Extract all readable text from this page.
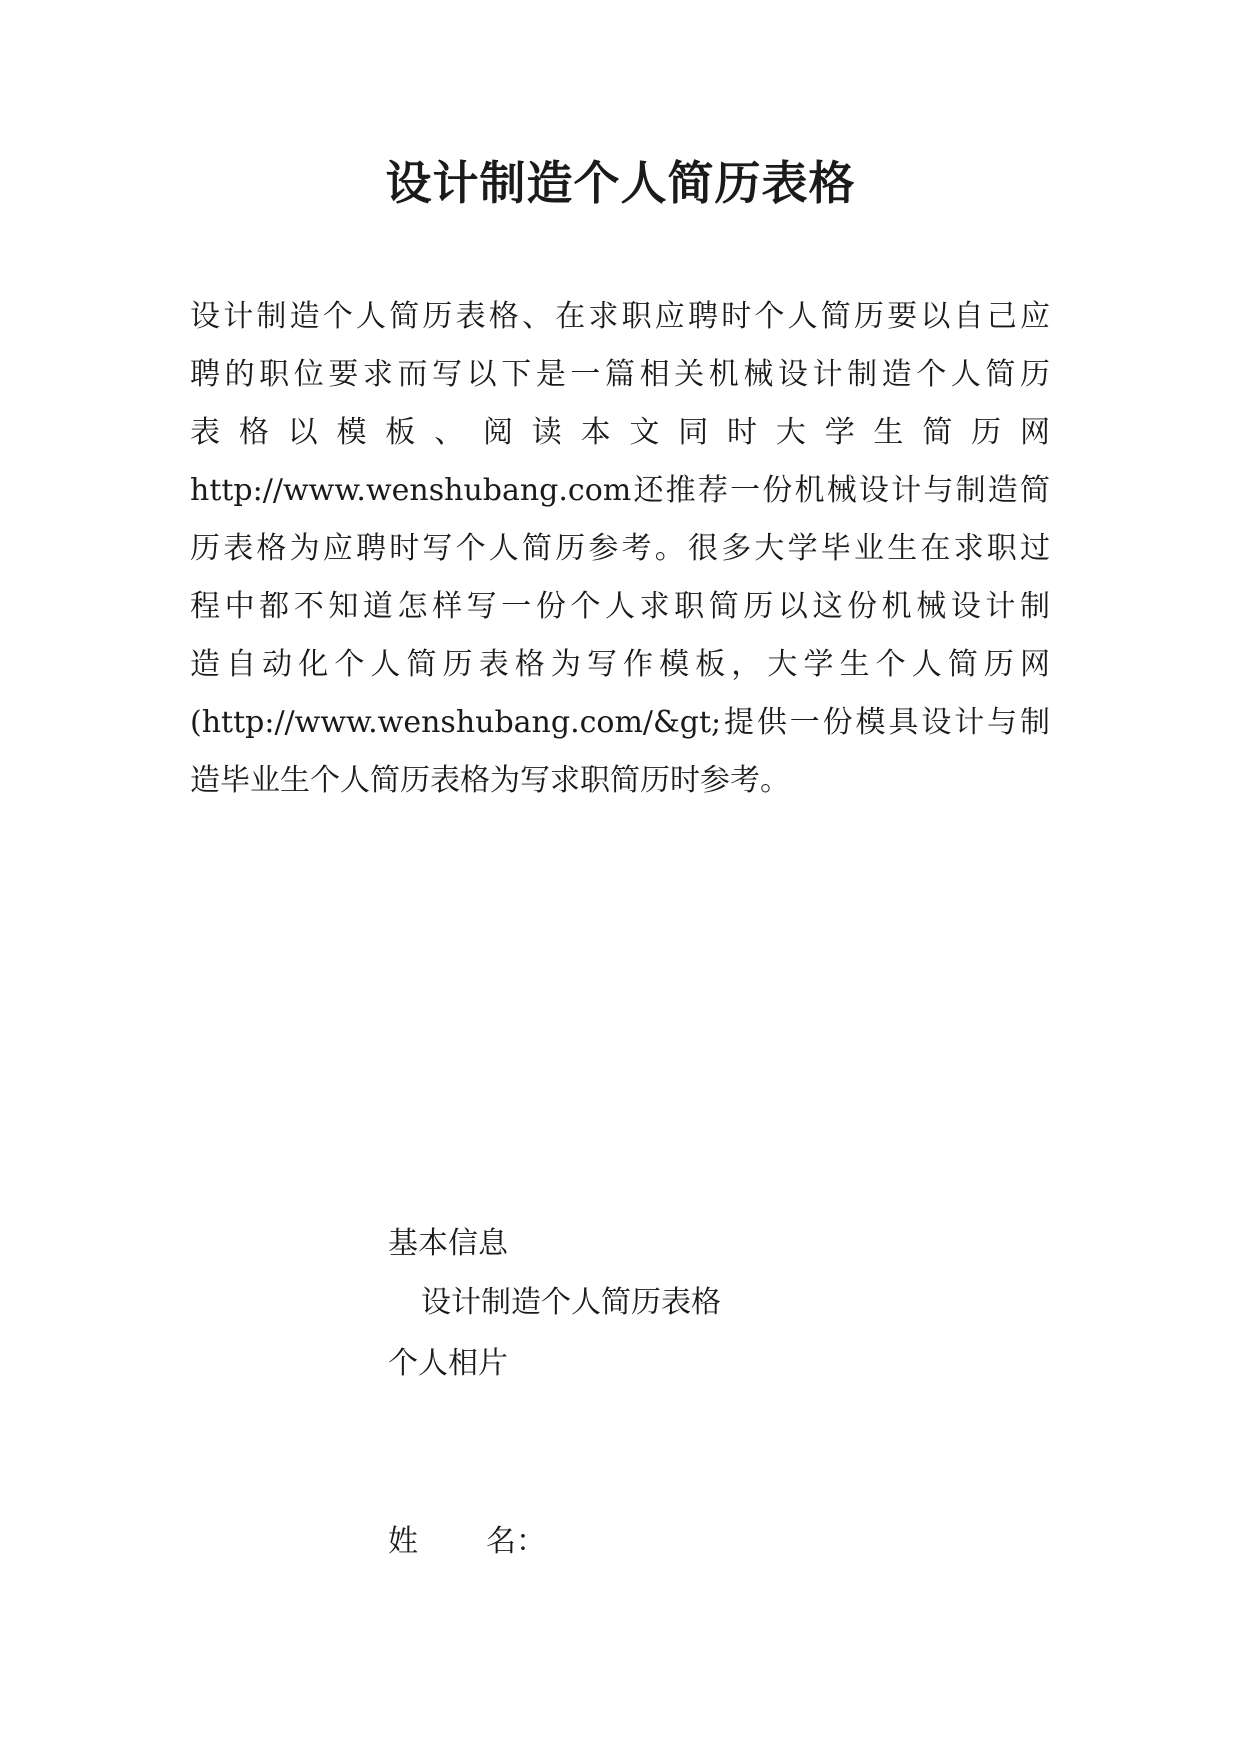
设计制造个人简历表格
设计制造个人简历表格、在求职应聘时个人简历要以自己应
聘的职位要求而写以下是一篇相关机械设计制造个人简历
表格以模板、阅读本文同时大学生简历网
http://www.wenshubang.com还推荐一份机械设计与制造简
历表格为应聘时写个人简历参考。很多大学毕业生在求职过
程中都不知道怎样写一份个人求职简历以这份机械设计制
造自动化个人简历表格为写作模板，大学生个人简历网
(http://www.wenshubang.com/&gt;提供一份模具设计与制
造毕业生个人简历表格为写求职简历时参考。
基本信息
设计制造个人简历表格
个人相片
姓 名：
